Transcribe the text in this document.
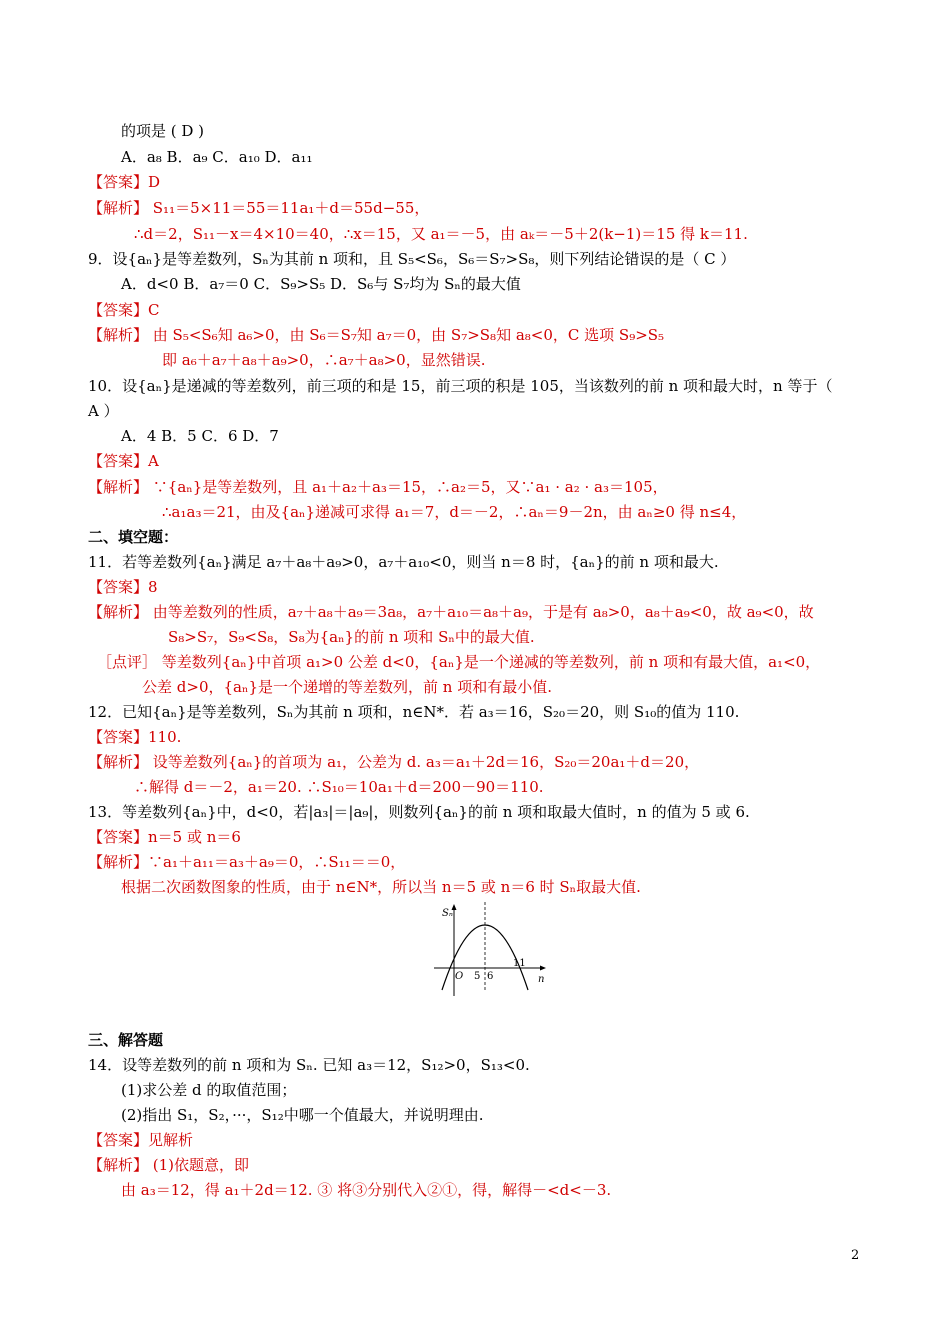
的项是 ( D )
A．a₈ B．a₉ C．a₁₀ D．a₁₁
【答案】D
【解析】 S₁₁＝5×11＝55＝11a₁＋d＝55d−55，
∴d＝2，S₁₁－x＝4×10＝40，∴x＝15，又 a₁＝－5，由 aₖ＝－5＋2(k−1)＝15 得 k＝11.
9．设{aₙ}是等差数列，Sₙ为其前 n 项和，且 S₅<S₆，S₆＝S₇>S₈，则下列结论错误的是（ C ）
A．d<0 B．a₇＝0 C．S₉>S₅ D．S₆与 S₇均为 Sₙ的最大值
【答案】C
【解析】 由 S₅<S₆知 a₆>0，由 S₆＝S₇知 a₇＝0，由 S₇>S₈知 a₈<0，C 选项 S₉>S₅
即 a₆＋a₇＋a₈＋a₉>0，∴a₇＋a₈>0，显然错误.
10．设{aₙ}是递减的等差数列，前三项的和是 15，前三项的积是 105，当该数列的前 n 项和最大时，n 等于（
A ）
A．4 B．5 C．6 D．7
【答案】A
【解析】 ∵{aₙ}是等差数列，且 a₁＋a₂＋a₃＝15，∴a₂＝5，又∵a₁ · a₂ · a₃＝105，
∴a₁a₃＝21，由及{aₙ}递减可求得 a₁＝7，d＝－2，∴aₙ＝9－2n，由 aₙ≥0 得 n≤4，
二、填空题：
11．若等差数列{aₙ}满足 a₇＋a₈＋a₉>0，a₇＋a₁₀<0，则当 n＝8 时，{aₙ}的前 n 项和最大.
【答案】8
【解析】 由等差数列的性质，a₇＋a₈＋a₉＝3a₈，a₇＋a₁₀＝a₈＋a₉，于是有 a₈>0，a₈＋a₉<0，故 a₉<0，故
S₈>S₇，S₉<S₈，S₈为{aₙ}的前 n 项和 Sₙ中的最大值.
［点评］ 等差数列{aₙ}中首项 a₁>0 公差 d<0，{aₙ}是一个递减的等差数列，前 n 项和有最大值，a₁<0，
公差 d>0，{aₙ}是一个递增的等差数列，前 n 项和有最小值.
12．已知{aₙ}是等差数列，Sₙ为其前 n 项和，n∈N*．若 a₃＝16，S₂₀＝20，则 S₁₀的值为 110.
【答案】110.
【解析】 设等差数列{aₙ}的首项为 a₁，公差为 d. a₃＝a₁＋2d＝16，S₂₀＝20a₁＋d＝20，
∴解得 d＝－2，a₁＝20. ∴S₁₀＝10a₁＋d＝200－90＝110.
13．等差数列{aₙ}中，d<0，若|a₃|＝|a₉|，则数列{aₙ}的前 n 项和取最大值时，n 的值为 5 或 6.
【答案】n＝5 或 n＝6
【解析】∵a₁＋a₁₁＝a₃＋a₉＝0，∴S₁₁＝＝0，
根据二次函数图象的性质，由于 n∈N*，所以当 n＝5 或 n＝6 时 Sₙ取最大值.
三、解答题
14．设等差数列的前 n 项和为 Sₙ. 已知 a₃＝12，S₁₂>0，S₁₃<0.
(1)求公差 d 的取值范围；
(2)指出 S₁，S₂，···，S₁₂中哪一个值最大，并说明理由.
【答案】见解析
【解析】 (1)依题意，即
由 a₃＝12，得 a₁＋2d＝12. ③ 将③分别代入②①，得，解得－<d<－3.
Sₙ
n
O 5 6
11
2
